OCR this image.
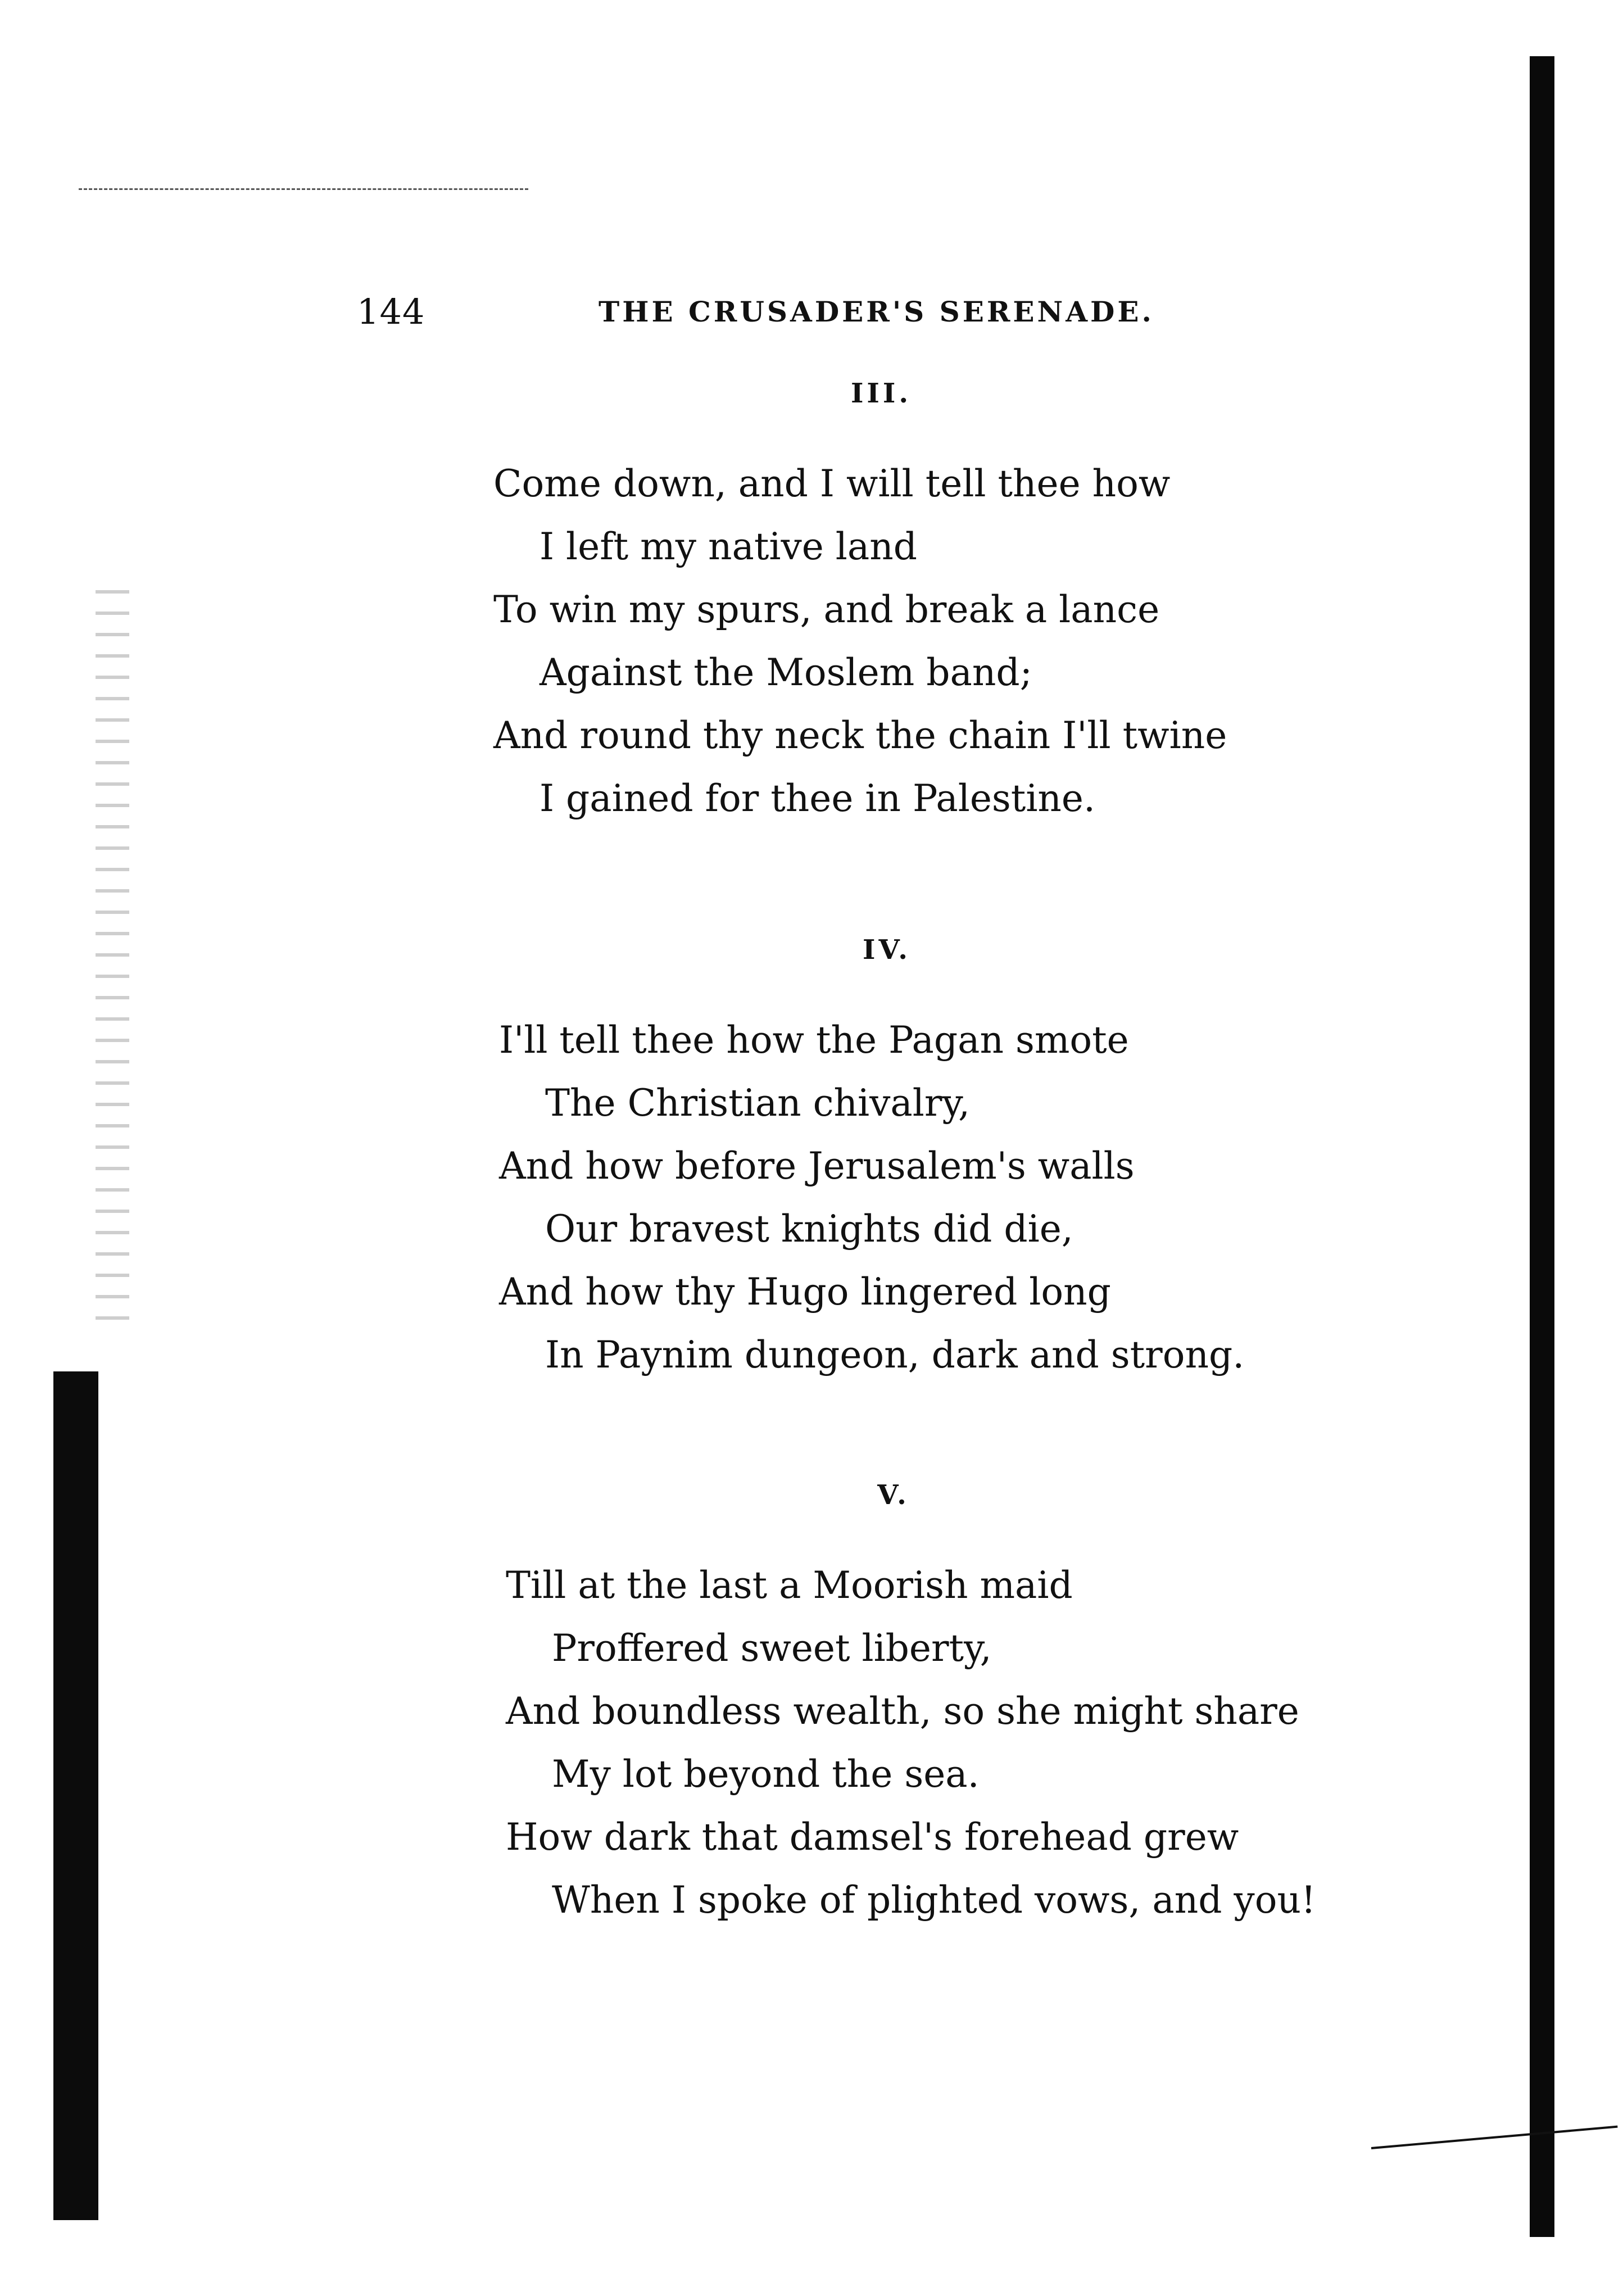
144	THE CRUSADER'S SERENADE.
III.
Come down, and I will tell thee how
I left my native land
To win my spurs, and break a lance
Against the Moslem band;
And round thy neck the chain I'll twine
I gained for thee in Palestine.
IV.
I'll tell thee how the Pagan smote
The Christian chivalry,
And how before Jerusalem's walls
Our bravest knights did die,
And how thy Hugo lingered long
In Paynim dungeon, dark and strong.
V.
Till at the last a Moorish maid
Proffered sweet liberty,
And boundless wealth, so she might share
My lot beyond the sea.
How dark that damsel's forehead grew
When I spoke of plighted vows, and you!
